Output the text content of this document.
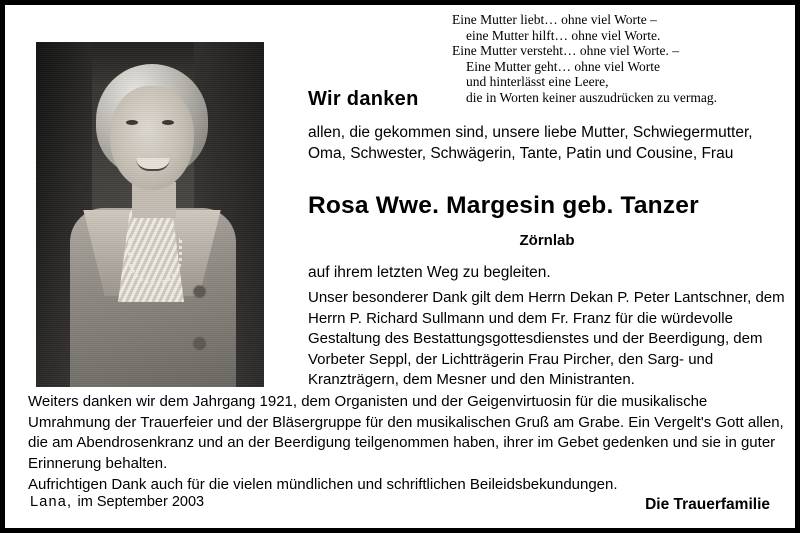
Eine Mutter liebt… ohne viel Worte –
eine Mutter hilft… ohne viel Worte.
Eine Mutter versteht… ohne viel Worte. –
Eine Mutter geht… ohne viel Worte
und hinterlässt eine Leere,
die in Worten keiner auszudrücken zu vermag.
Wir danken
allen, die gekommen sind, unsere liebe Mutter, Schwiegermutter, Oma, Schwester, Schwägerin, Tante, Patin und Cousine, Frau
Rosa Wwe. Margesin geb. Tanzer
Zörnlab
auf ihrem letzten Weg zu begleiten.
Unser besonderer Dank gilt dem Herrn Dekan P. Peter Lantschner, dem Herrn P. Richard Sullmann und dem Fr. Franz für die würdevolle Gestaltung des Bestattungsgottesdienstes und der Beerdigung, dem Vorbeter Seppl, der Lichtträgerin Frau Pircher, den Sarg- und Kranzträgern, dem Mesner und den Ministranten.

Weiters danken wir dem Jahrgang 1921, dem Organisten und der Geigenvirtuosin für die musikalische Umrahmung der Trauerfeier und der Bläsergruppe für den musikalischen Gruß am Grabe. Ein Vergelt's Gott allen, die am Abendrosenkranz und an der Beerdigung teilgenommen haben, ihrer im Gebet gedenken und sie in guter Erinnerung behalten.

Aufrichtigen Dank auch für die vielen mündlichen und schriftlichen Beileidsbekundungen.

Lana, im September 2003	Die Trauerfamilie
